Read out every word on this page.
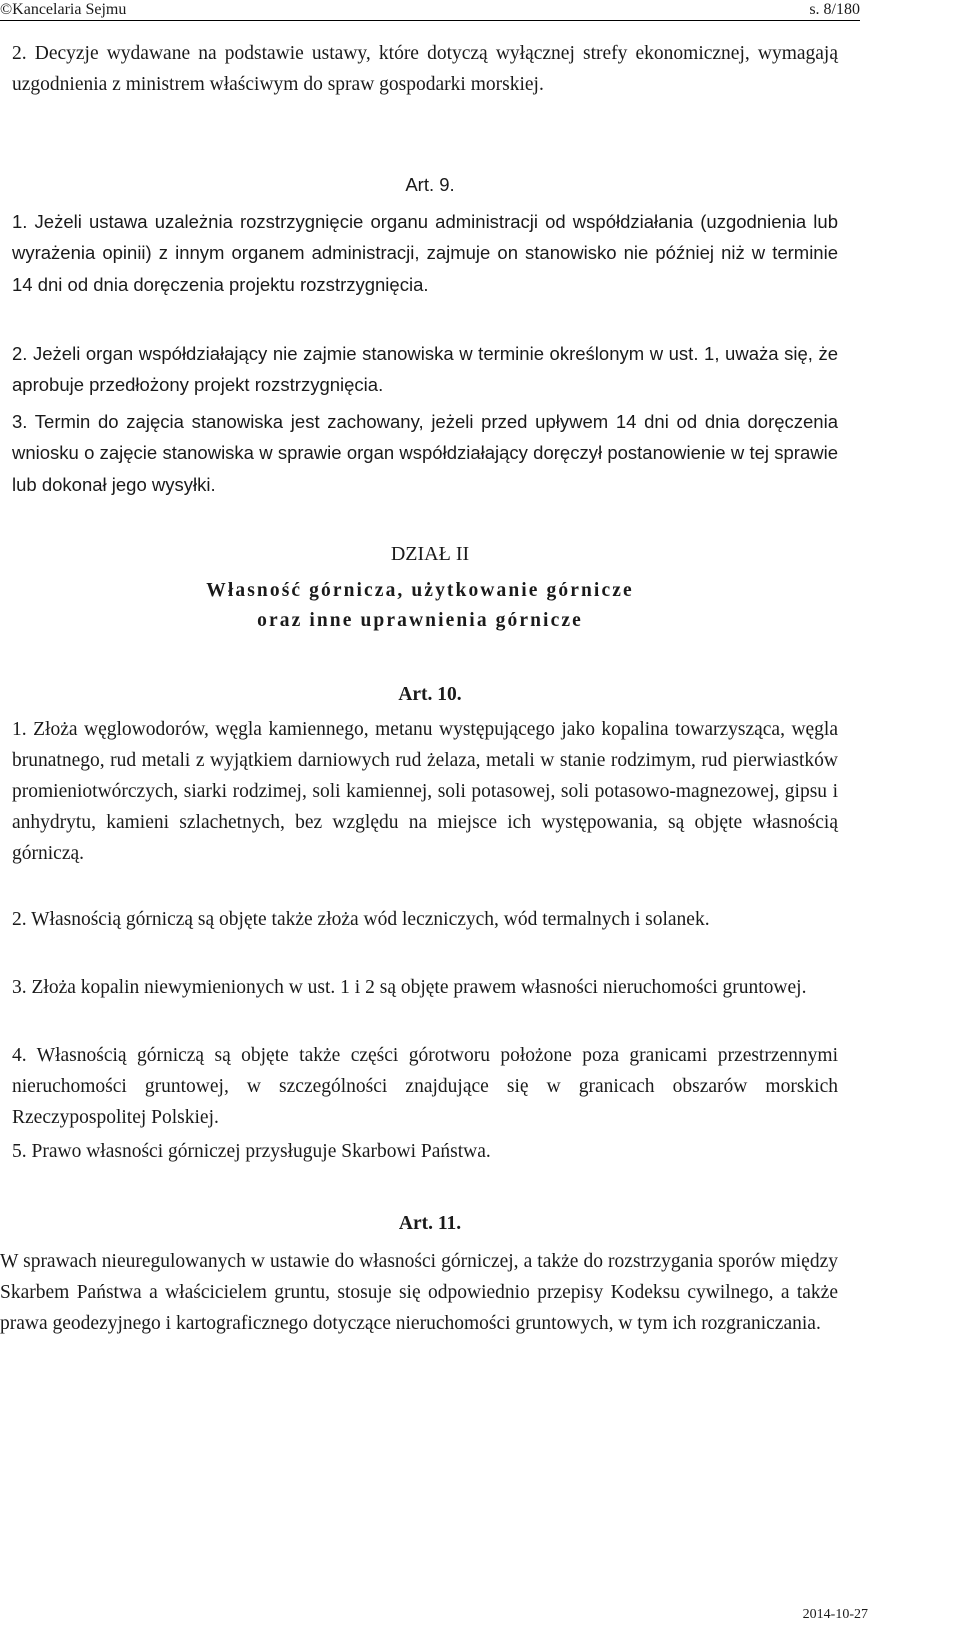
©Kancelaria Sejmu	s. 8/180

2. Decyzje wydawane na podstawie ustawy, które dotyczą wyłącznej strefy ekonomicznej, wymagają uzgodnienia z ministrem właściwym do spraw gospodarki morskiej.

Art. 9.

1. Jeżeli ustawa uzależnia rozstrzygnięcie organu administracji od współdziałania (uzgodnienia lub wyrażenia opinii) z innym organem administracji, zajmuje on stanowisko nie później niż w terminie 14 dni od dnia doręczenia projektu rozstrzygnięcia.

2. Jeżeli organ współdziałający nie zajmie stanowiska w terminie określonym w ust. 1, uważa się, że aprobuje przedłożony projekt rozstrzygnięcia.

3. Termin do zajęcia stanowiska jest zachowany, jeżeli przed upływem 14 dni od dnia doręczenia wniosku o zajęcie stanowiska w sprawie organ współdziałający doręczył postanowienie w tej sprawie lub dokonał jego wysyłki.

DZIAŁ II
Własność górnicza, użytkowanie górnicze
oraz inne uprawnienia górnicze
Art. 10.

1. Złoża węglowodorów, węgla kamiennego, metanu występującego jako kopalina towarzysząca, węgla brunatnego, rud metali z wyjątkiem darniowych rud żelaza, metali w stanie rodzimym, rud pierwiastków promieniotwórczych, siarki rodzimej, soli kamiennej, soli potasowej, soli potasowo-magnezowej, gipsu i anhydrytu, kamieni szlachetnych, bez względu na miejsce ich występowania, są objęte własnością górniczą.

2. Własnością górniczą są objęte także złoża wód leczniczych, wód termalnych i solanek.

3. Złoża kopalin niewymienionych w ust. 1 i 2 są objęte prawem własności nieruchomości gruntowej.

4. Własnością górniczą są objęte także części górotworu położone poza granicami przestrzennymi nieruchomości gruntowej, w szczególności znajdujące się w granicach obszarów morskich Rzeczypospolitej Polskiej.

5. Prawo własności górniczej przysługuje Skarbowi Państwa.

Art. 11.

W sprawach nieuregulowanych w ustawie do własności górniczej, a także do rozstrzygania sporów między Skarbem Państwa a właścicielem gruntu, stosuje się odpowiednio przepisy Kodeksu cywilnego, a także prawa geodezyjnego i kartograficznego dotyczące nieruchomości gruntowych, w tym ich rozgraniczania.

2014-10-27
